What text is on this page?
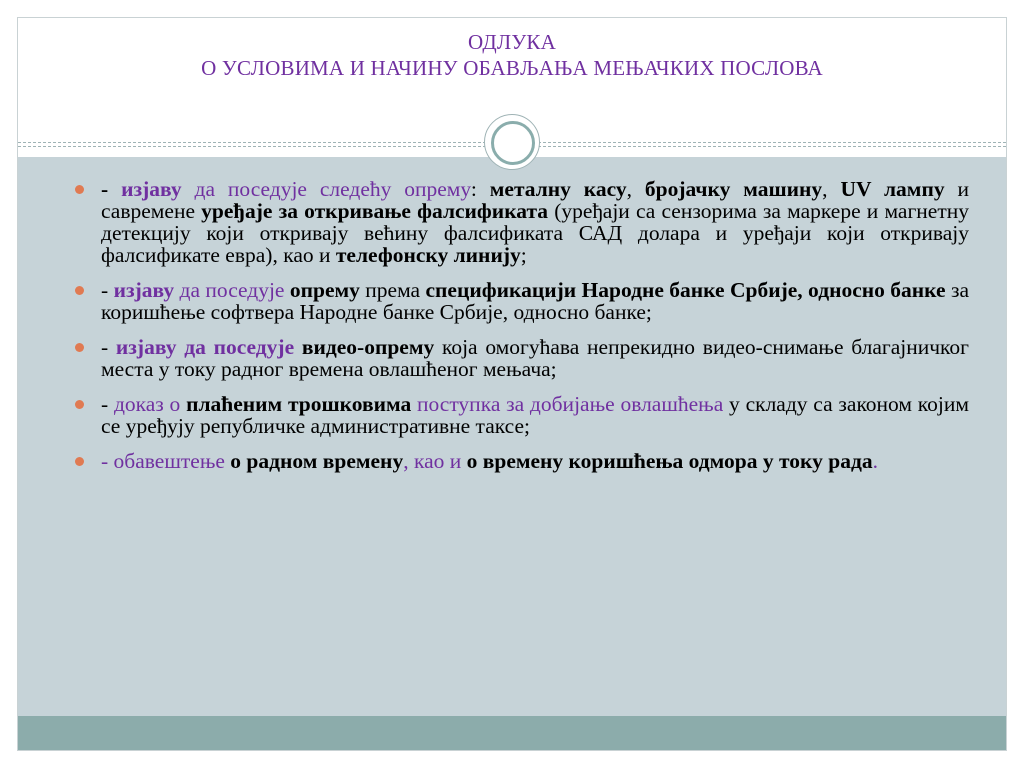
ОДЛУКА
О УСЛОВИМА И НАЧИНУ ОБАВЉАЊА МЕЊАЧКИХ ПОСЛОВА
- изјаву да поседује следећу опрему: металну касу, бројачку машину, UV лампу и савремене уређаје за откривање фалсификата (уређаји са сензорима за маркере и магнетну детекцију који откривају већину фалсификата САД долара и уређаји који откривају фалсификате евра), као и телефонску линију;
- изјаву да поседује опрему према спецификацији Народне банке Србије, односно банке за коришћење софтвера Народне банке Србије, односно банке;
- изјаву да поседује видео-опрему која омогућава непрекидно видео-снимање благајничког места у току радног времена овлашћеног мењача;
- доказ о плаћеним трошковима поступка за добијање овлашћења у складу са законом којим се уређују републичке административне таксе;
- обавештење о радном времену, као и о времену коришћења одмора у току рада.
